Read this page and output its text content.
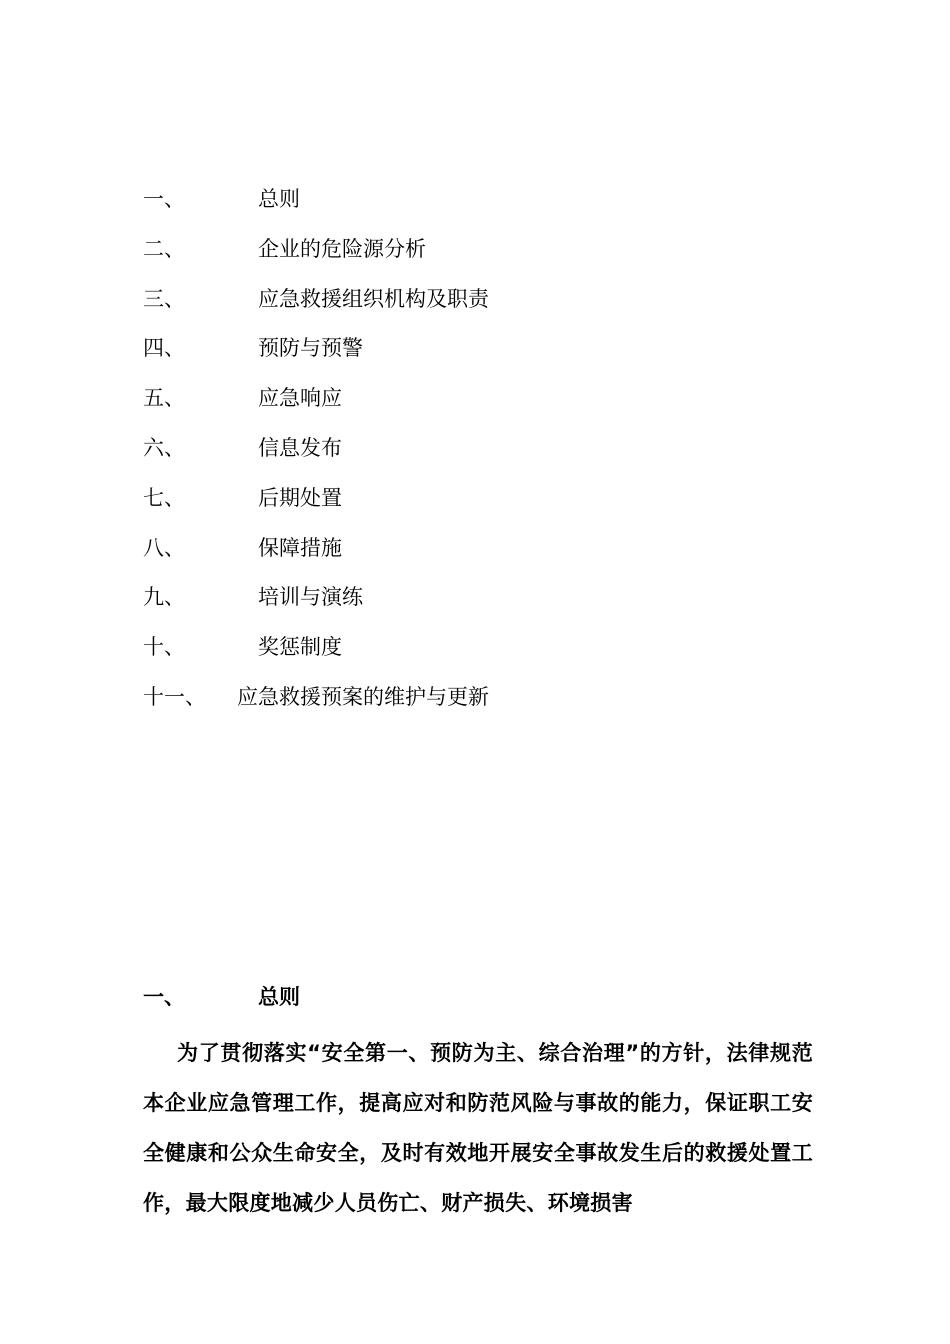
一、	总则
二、	企业的危险源分析
三、	应急救援组织机构及职责
四、	预防与预警
五、	应急响应
六、	信息发布
七、	后期处置
八、	保障措施
九、	培训与演练
十、	奖惩制度
十一、 应急救援预案的维护与更新
一、	总则

为了贯彻落实“安全第一、预防为主、综合治理”的方针，法律规范本企业应急管理工作，提高应对和防范风险与事故的能力，保证职工安全健康和公众生命安全，及时有效地开展安全事故发生后的救援处置工作，最大限度地减少人员伤亡、财产损失、环境损害
